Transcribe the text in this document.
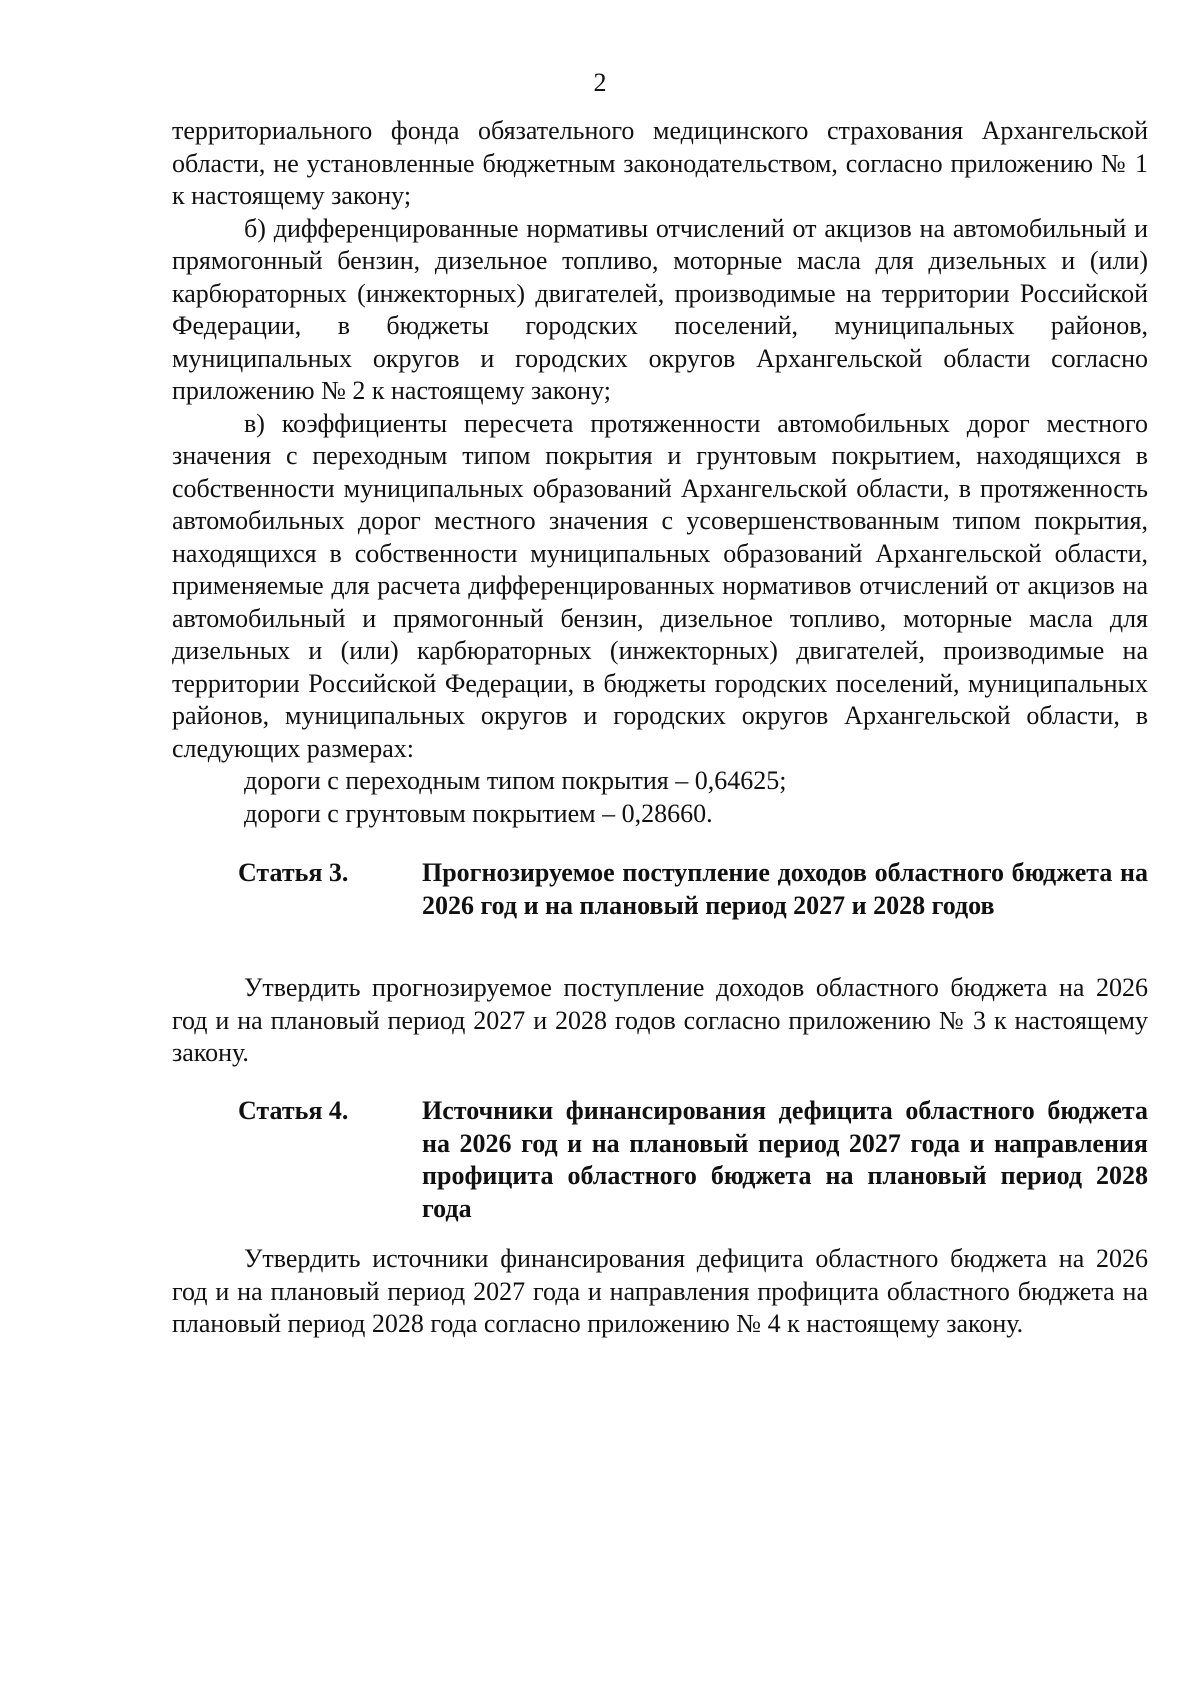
2

территориального фонда обязательного медицинского страхования Архангельской области, не установленные бюджетным законодательством, согласно приложению № 1 к настоящему закону;

б) дифференцированные нормативы отчислений от акцизов на автомобильный и прямогонный бензин, дизельное топливо, моторные масла для дизельных и (или) карбюраторных (инжекторных) двигателей, производимые на территории Российской Федерации, в бюджеты городских поселений, муниципальных районов, муниципальных округов и городских округов Архангельской области согласно приложению № 2 к настоящему закону;

в) коэффициенты пересчета протяженности автомобильных дорог местного значения с переходным типом покрытия и грунтовым покрытием, находящихся в собственности муниципальных образований Архангельской области, в протяженность автомобильных дорог местного значения с усовершенствованным типом покрытия, находящихся в собственности муниципальных образований Архангельской области, применяемые для расчета дифференцированных нормативов отчислений от акцизов на автомобильный и прямогонный бензин, дизельное топливо, моторные масла для дизельных и (или) карбюраторных (инжекторных) двигателей, производимые на территории Российской Федерации, в бюджеты городских поселений, муниципальных районов, муниципальных округов и городских округов Архангельской области, в следующих размерах:

дороги с переходным типом покрытия – 0,64625;

дороги с грунтовым покрытием – 0,28660.

Статья 3.	Прогнозируемое поступление доходов областного бюджета на 2026 год и на плановый период 2027 и 2028 годов

Утвердить прогнозируемое поступление доходов областного бюджета на 2026 год и на плановый период 2027 и 2028 годов согласно приложению № 3 к настоящему закону.

Статья 4.	Источники финансирования дефицита областного бюджета на 2026 год и на плановый период 2027 года и направления профицита областного бюджета на плановый период 2028 года

Утвердить источники финансирования дефицита областного бюджета на 2026 год и на плановый период 2027 года и направления профицита областного бюджета на плановый период 2028 года согласно приложению № 4 к настоящему закону.
